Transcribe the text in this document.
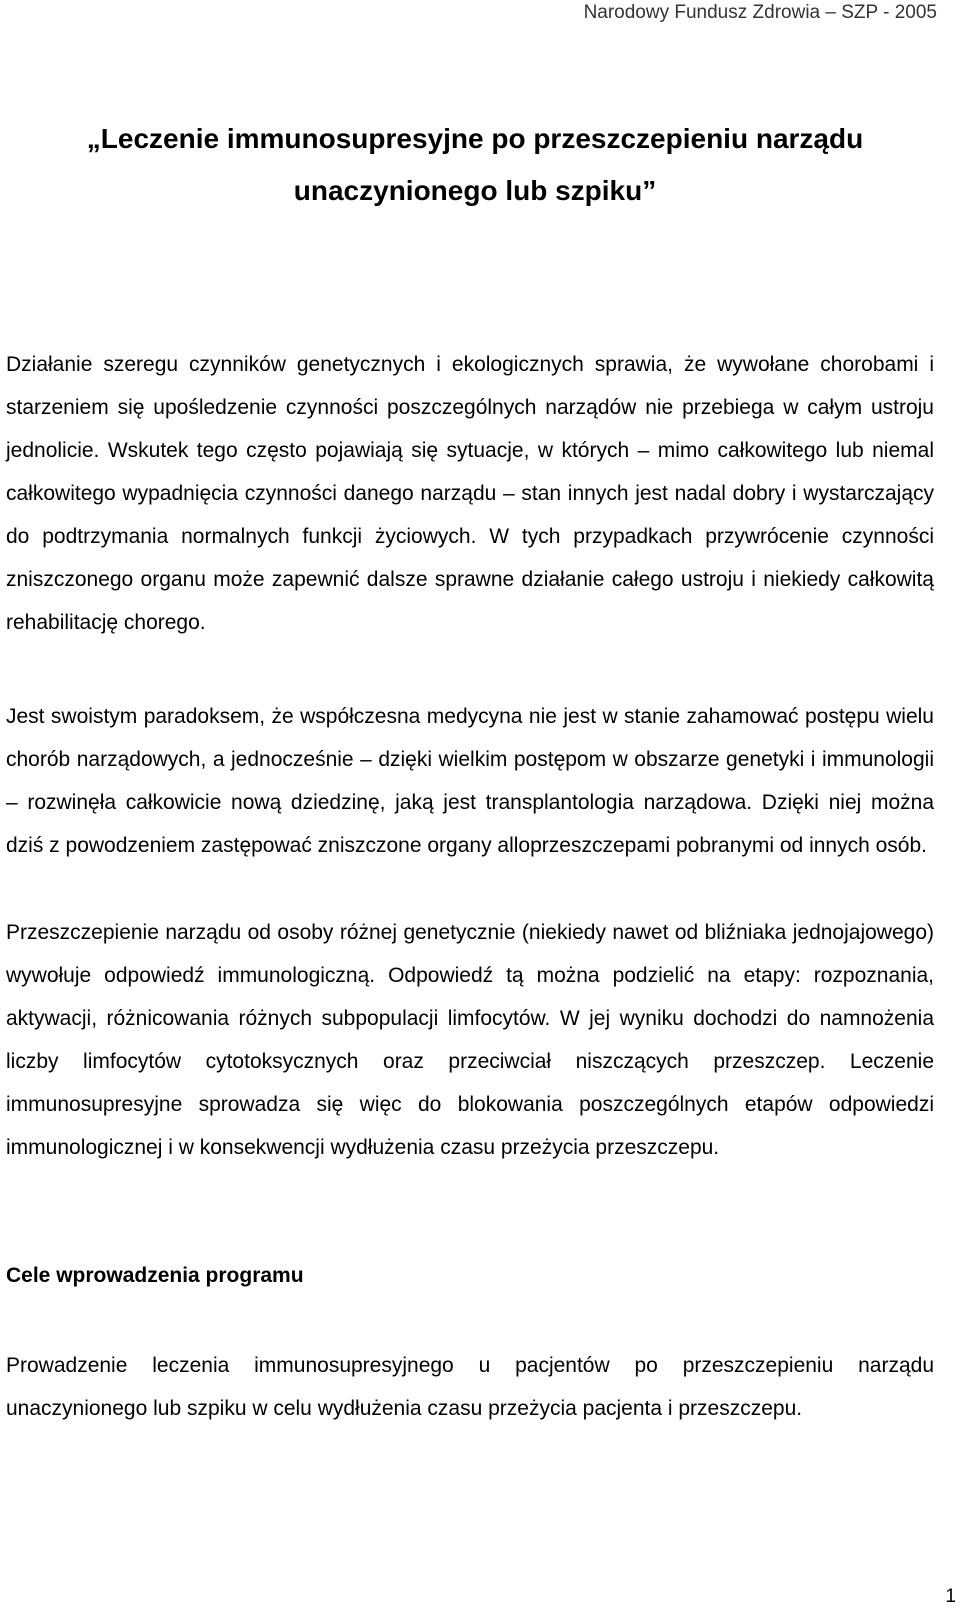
Narodowy Fundusz Zdrowia – SZP - 2005
„Leczenie immunosupresyjne po przeszczepieniu narządu
unaczynionego lub szpiku”

Działanie szeregu czynników genetycznych i ekologicznych sprawia, że wywołane chorobami i starzeniem się upośledzenie czynności poszczególnych narządów nie przebiega w całym ustroju jednolicie. Wskutek tego często pojawiają się sytuacje, w których – mimo całkowitego lub niemal całkowitego wypadnięcia czynności danego narządu – stan innych jest nadal dobry i wystarczający do podtrzymania normalnych funkcji życiowych. W tych przypadkach przywrócenie czynności zniszczonego organu może zapewnić dalsze sprawne działanie całego ustroju i niekiedy całkowitą rehabilitację chorego.

Jest swoistym paradoksem, że współczesna medycyna nie jest w stanie zahamować postępu wielu chorób narządowych, a jednocześnie – dzięki wielkim postępom w obszarze genetyki i immunologii – rozwinęła całkowicie nową dziedzinę, jaką jest transplantologia narządowa. Dzięki niej można dziś z powodzeniem zastępować zniszczone organy alloprzeszczepami pobranymi od innych osób.

Przeszczepienie narządu od osoby różnej genetycznie (niekiedy nawet od bliźniaka jednojajowego) wywołuje odpowiedź immunologiczną. Odpowiedź tą można podzielić na etapy: rozpoznania, aktywacji, różnicowania różnych subpopulacji limfocytów. W jej wyniku dochodzi do namnożenia liczby limfocytów cytotoksycznych oraz przeciwciał niszczących przeszczep. Leczenie immunosupresyjne sprowadza się więc do blokowania poszczególnych etapów odpowiedzi immunologicznej i w konsekwencji wydłużenia czasu przeżycia przeszczepu.

Cele wprowadzenia programu

Prowadzenie leczenia immunosupresyjnego u pacjentów po przeszczepieniu narządu unaczynionego lub szpiku w celu wydłużenia czasu przeżycia pacjenta i przeszczepu.

1
